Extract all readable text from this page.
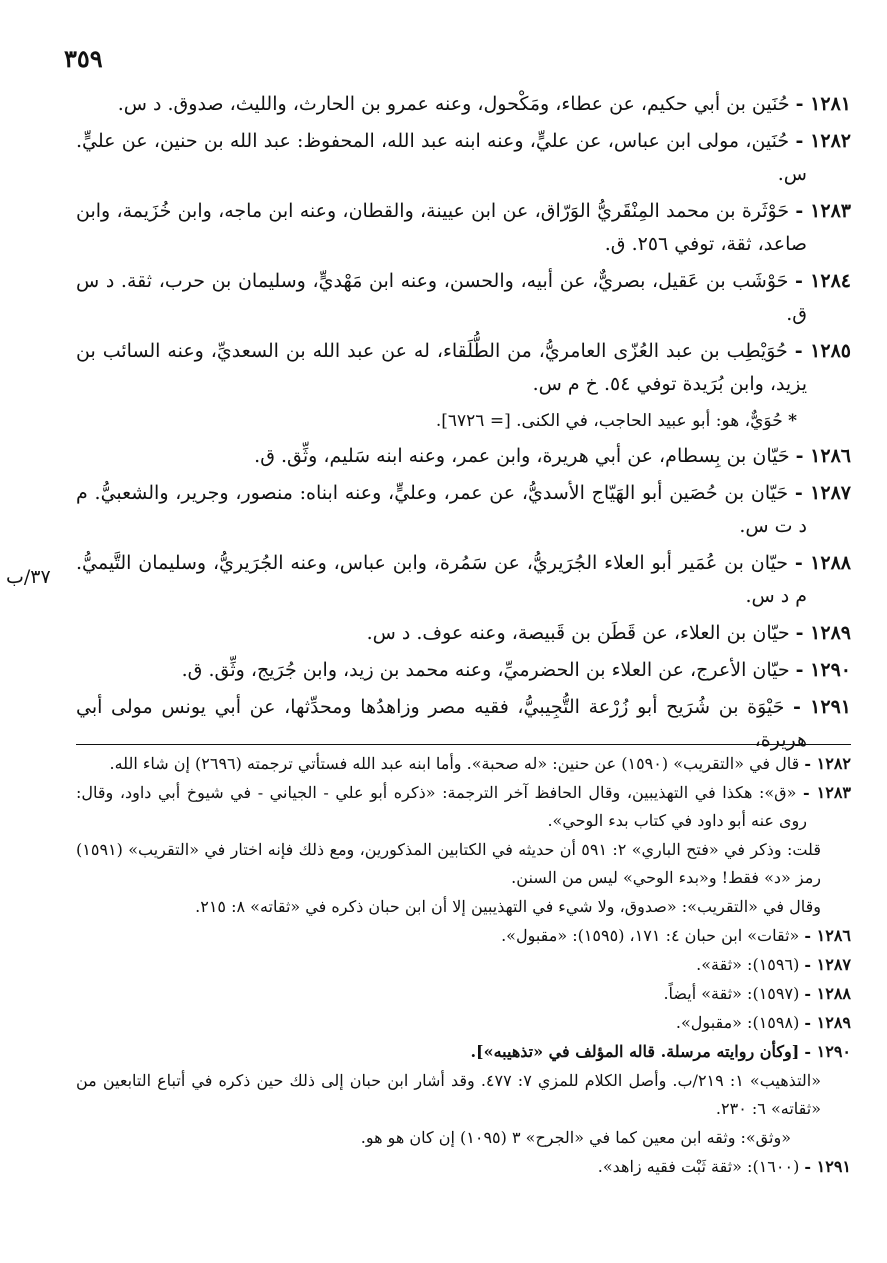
٣٥٩
٣٧/ب

١٢٨١ - حُنَين بن أبي حكيم، عن عطاء، ومَكْحول، وعنه عمرو بن الحارث، والليث، صدوق. د س.

١٢٨٢ - حُنَين، مولى ابن عباس، عن عليٍّ، وعنه ابنه عبد الله، المحفوظ: عبد الله بن حنين، عن عليٍّ. س.

١٢٨٣ - حَوْثَرة بن محمد المِنْقَريُّ الوَرّاق، عن ابن عيينة، والقطان، وعنه ابن ماجه، وابن خُزَيمة، وابن صاعد، ثقة، توفي ٢٥٦. ق.

١٢٨٤ - حَوْشَب بن عَقيل، بصريٌّ، عن أبيه، والحسن، وعنه ابن مَهْديٍّ، وسليمان بن حرب، ثقة. د س ق.

١٢٨٥ - حُوَيْطِب بن عبد العُزّى العامريُّ، من الطُّلَقاء، له عن عبد الله بن السعديِّ، وعنه السائب بن يزيد، وابن بُرَيدة توفي ٥٤. خ م س.

* حُوَيٌّ، هو: أبو عبيد الحاجب، في الكنى. [= ٦٧٢٦].

١٢٨٦ - حَيّان بن بِسطام، عن أبي هريرة، وابن عمر، وعنه ابنه سَليم، وثِّق. ق.

١٢٨٧ - حَيّان بن حُصَين أبو الهَيّاج الأسديُّ، عن عمر، وعليٍّ، وعنه ابناه: منصور، وجرير، والشعبيُّ. م د ت س.

١٢٨٨ - حيّان بن عُمَير أبو العلاء الجُرَيريُّ، عن سَمُرة، وابن عباس، وعنه الجُرَيريُّ، وسليمان التَّيميُّ. م د س.

١٢٨٩ - حيّان بن العلاء، عن قَطَن بن قَبيصة، وعنه عوف. د س.

١٢٩٠ - حيّان الأعرج، عن العلاء بن الحضرميِّ، وعنه محمد بن زيد، وابن جُرَيج، وثِّق. ق.

١٢٩١ - حَيْوَة بن شُرَيح أبو زُرْعة التُّجِيبيُّ، فقيه مصر وزاهدُها ومحدِّثها، عن أبي يونس مولى أبي هريرة،

١٢٨٢ - قال في «التقريب» (١٥٩٠) عن حنين: «له صحبة». وأما ابنه عبد الله فستأتي ترجمته (٢٦٩٦) إن شاء الله.

١٢٨٣ - «ق»: هكذا في التهذيبين، وقال الحافظ آخر الترجمة: «ذكره أبو علي - الجياني - في شيوخ أبي داود، وقال: روى عنه أبو داود في كتاب بدء الوحي».

قلت: وذكر في «فتح الباري» ٢: ٥٩١ أن حديثه في الكتابين المذكورين، ومع ذلك فإنه اختار في «التقريب» (١٥٩١) رمز «د» فقط! و«بدء الوحي» ليس من السنن.

وقال في «التقريب»: «صدوق، ولا شيء في التهذيبين إلا أن ابن حبان ذكره في «ثقاته» ٨: ٢١٥.

١٢٨٦ - «ثقات» ابن حبان ٤: ١٧١، (١٥٩٥): «مقبول».

١٢٨٧ - (١٥٩٦): «ثقة».

١٢٨٨ - (١٥٩٧): «ثقة» أيضاً.

١٢٨٩ - (١٥٩٨): «مقبول».

١٢٩٠ - [وكأن روايته مرسلة. قاله المؤلف في «تذهيبه»].

«التذهيب» ١: ٢١٩/ب. وأصل الكلام للمزي ٧: ٤٧٧. وقد أشار ابن حبان إلى ذلك حين ذكره في أتباع التابعين من «ثقاته» ٦: ٢٣٠.

«وثق»: وثقه ابن معين كما في «الجرح» ٣ (١٠٩٥) إن كان هو هو.

١٢٩١ - (١٦٠٠): «ثقة ثَبْت فقيه زاهد».
